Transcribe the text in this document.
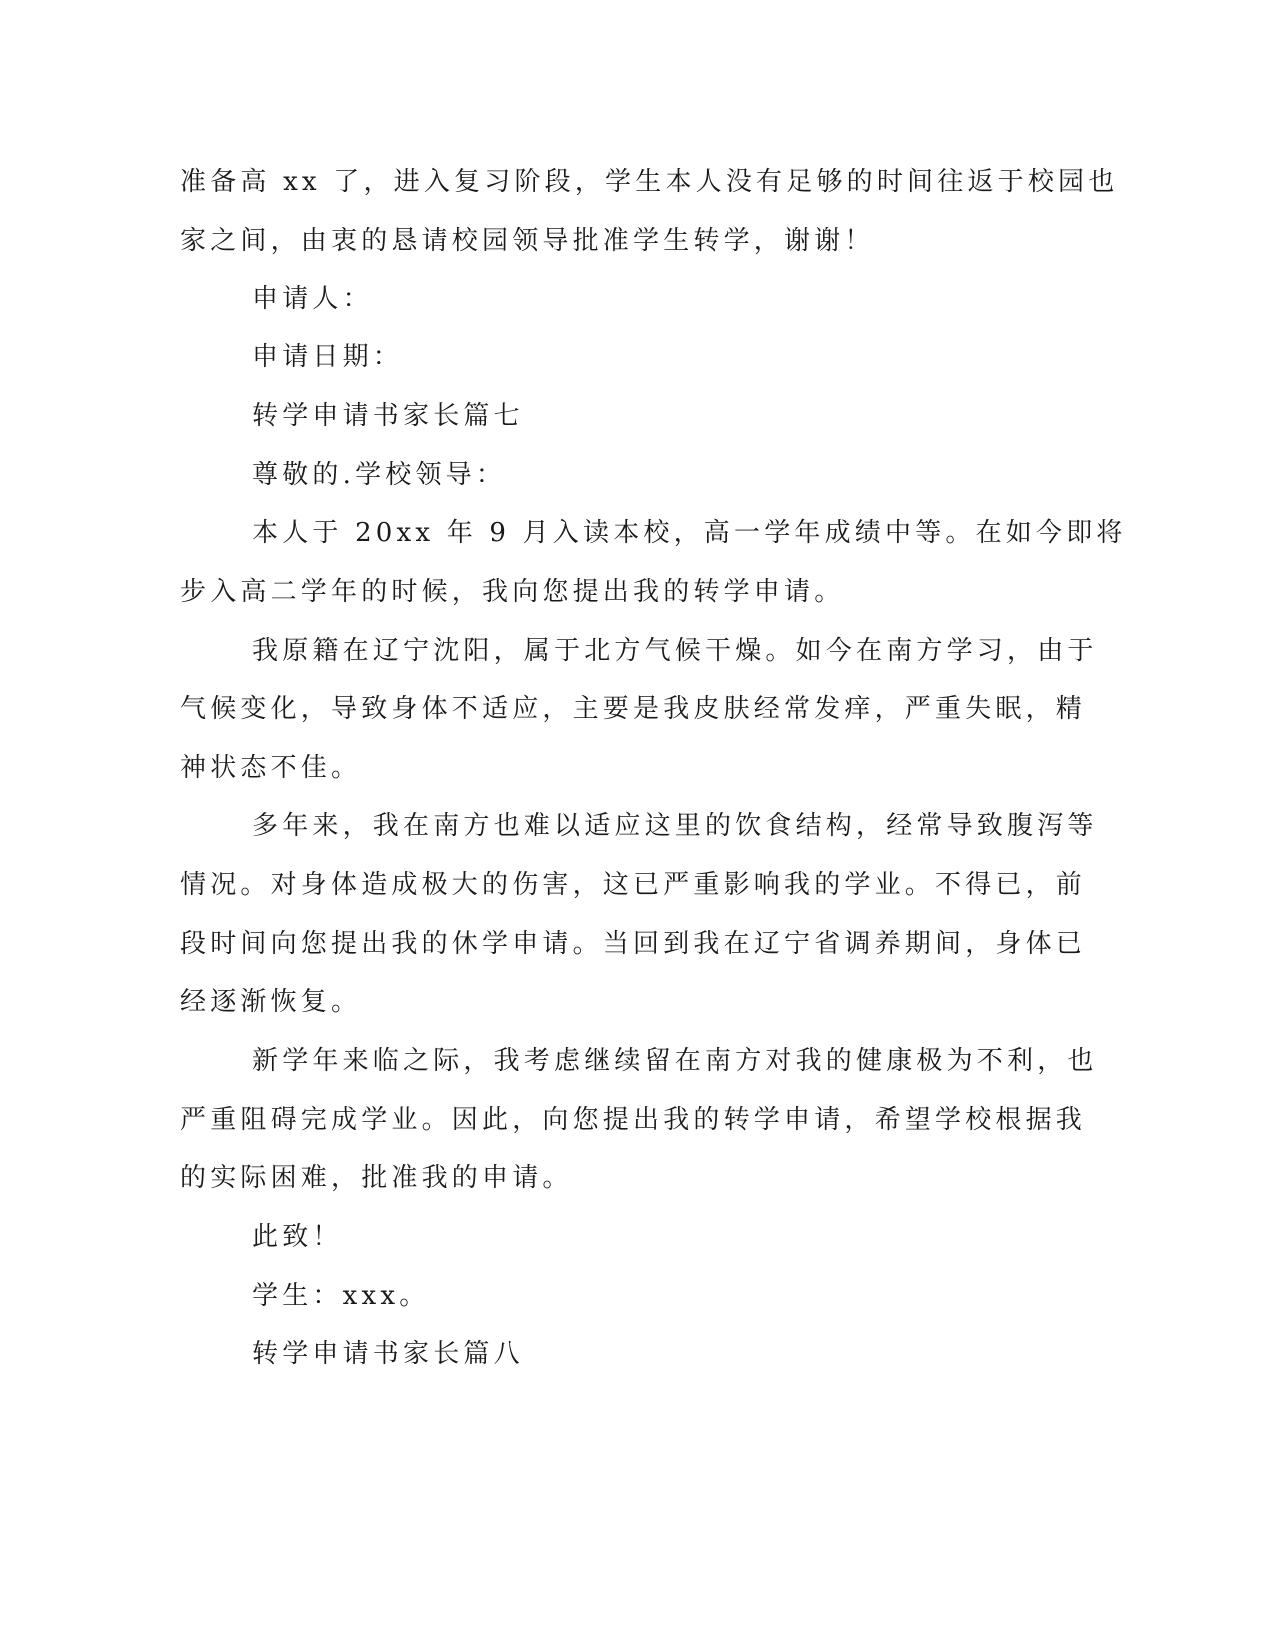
准备高 xx 了，进入复习阶段，学生本人没有足够的时间往返于校园也

家之间，由衷的恳请校园领导批准学生转学，谢谢！

申请人：

申请日期：

转学申请书家长篇七

尊敬的.学校领导：

本人于 20xx 年 9 月入读本校，高一学年成绩中等。在如今即将

步入高二学年的时候，我向您提出我的转学申请。

我原籍在辽宁沈阳，属于北方气候干燥。如今在南方学习，由于

气候变化，导致身体不适应，主要是我皮肤经常发痒，严重失眠，精

神状态不佳。

多年来，我在南方也难以适应这里的饮食结构，经常导致腹泻等

情况。对身体造成极大的伤害，这已严重影响我的学业。不得已，前

段时间向您提出我的休学申请。当回到我在辽宁省调养期间，身体已

经逐渐恢复。

新学年来临之际，我考虑继续留在南方对我的健康极为不利，也

严重阻碍完成学业。因此，向您提出我的转学申请，希望学校根据我

的实际困难，批准我的申请。

此致！

学生：xxx。

转学申请书家长篇八
